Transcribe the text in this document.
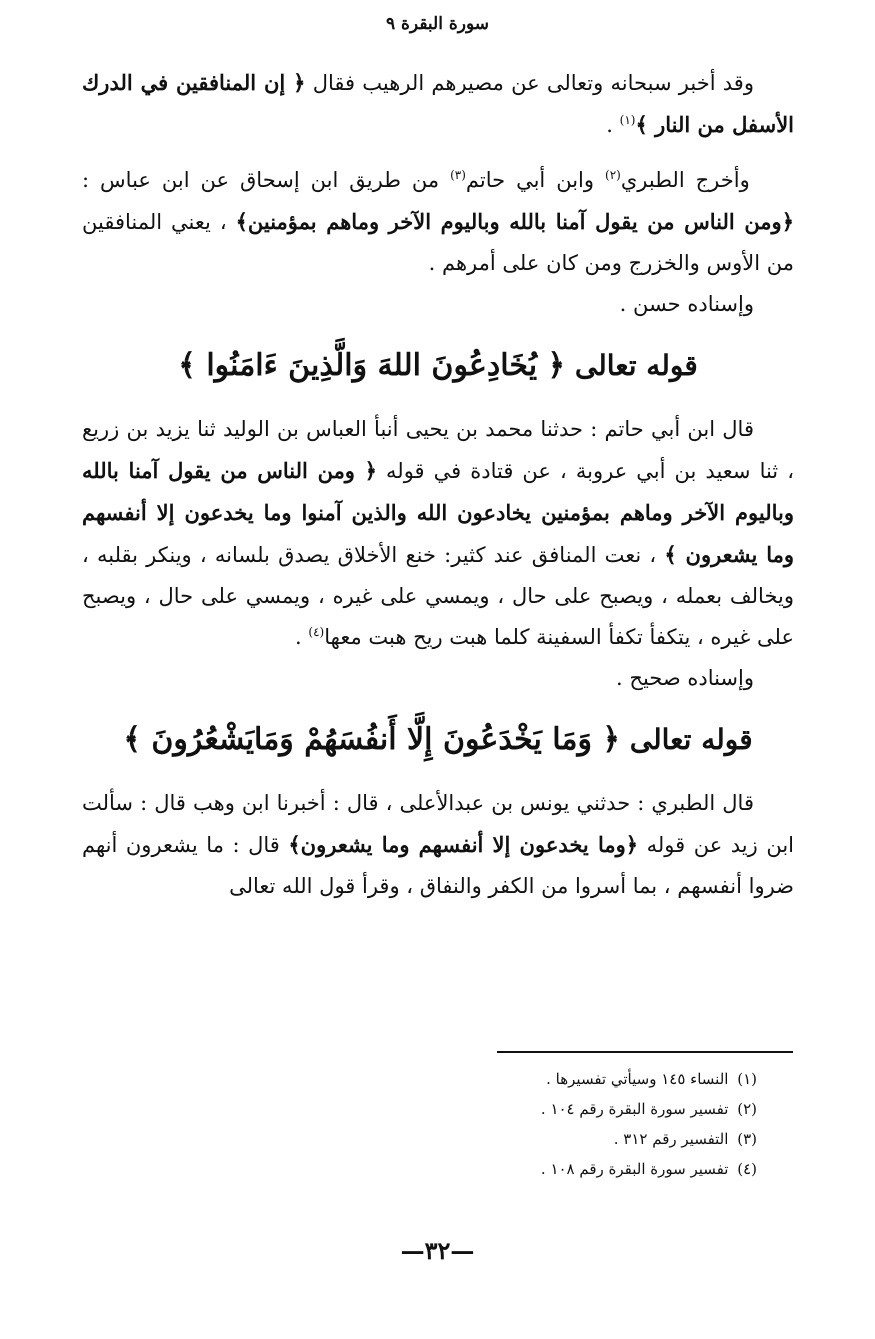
سورة البقرة ٩

وقد أخبر سبحانه وتعالى عن مصيرهم الرهيب فقال ﴿ إن المنافقين في الدرك الأسفل من النار ﴾$^{(١)}$ .

وأخرج الطبري$^{(٢)}$ وابن أبي حاتم$^{(٣)}$ من طريق ابن إسحاق عن ابن عباس : ﴿ومن الناس من يقول آمنا بالله وباليوم الآخر وماهم بمؤمنين﴾ ، يعني المنافقين من الأوس والخزرج ومن كان على أمرهم .

وإسناده حسن .

قوله تعالى ﴿ يُخَادِعُونَ اللهَ وَالَّذِينَ ءَامَنُوا ﴾

قال ابن أبي حاتم : حدثنا محمد بن يحيى أنبأ العباس بن الوليد ثنا يزيد بن زريع ، ثنا سعيد بن أبي عروبة ، عن قتادة في قوله ﴿ ومن الناس من يقول آمنا بالله وباليوم الآخر وماهم بمؤمنين يخادعون الله والذين آمنوا وما يخدعون إلا أنفسهم وما يشعرون ﴾ ، نعت المنافق عند كثير: خنع الأخلاق يصدق بلسانه ، وينكر بقلبه ، ويخالف بعمله ، ويصبح على حال ، ويمسي على غيره ، ويمسي على حال ، ويصبح على غيره ، يتكفأ تكفأ السفينة كلما هبت ريح هبت معها$^{(٤)}$ .

وإسناده صحيح .

قوله تعالى ﴿ وَمَا يَخْدَعُونَ إِلَّا أَنفُسَهُمْ وَمَايَشْعُرُونَ ﴾

قال الطبري : حدثني يونس بن عبدالأعلى ، قال : أخبرنا ابن وهب قال : سألت ابن زيد عن قوله ﴿وما يخدعون إلا أنفسهم وما يشعرون﴾ قال : ما يشعرون أنهم ضروا أنفسهم ، بما أسروا من الكفر والنفاق ، وقرأ قول الله تعالى

(١) النساء ١٤٥ وسيأتي تفسيرها .
(٢) تفسير سورة البقرة رقم ١٠٤ .
(٣) التفسير رقم ٣١٢ .
(٤) تفسير سورة البقرة رقم ١٠٨ .
—٣٢—
